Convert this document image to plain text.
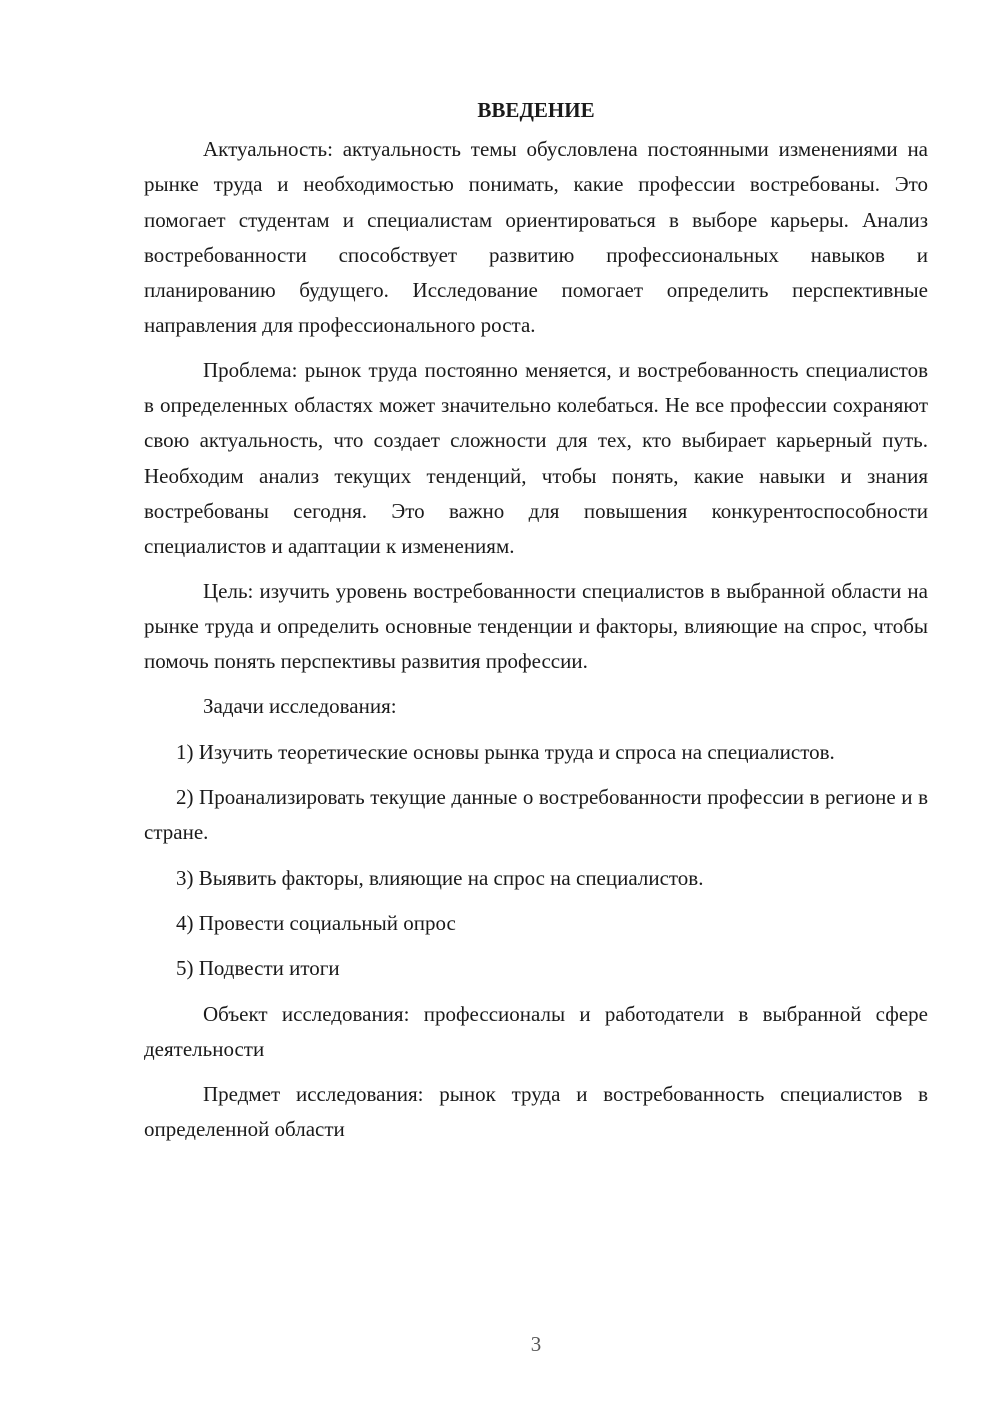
ВВЕДЕНИЕ

Актуальность: актуальность темы обусловлена постоянными изменениями на рынке труда и необходимостью понимать, какие профессии востребованы. Это помогает студентам и специалистам ориентироваться в выборе карьеры. Анализ востребованности способствует развитию профессиональных навыков и планированию будущего. Исследование помогает определить перспективные направления для профессионального роста.

Проблема: рынок труда постоянно меняется, и востребованность специалистов в определенных областях может значительно колебаться. Не все профессии сохраняют свою актуальность, что создает сложности для тех, кто выбирает карьерный путь. Необходим анализ текущих тенденций, чтобы понять, какие навыки и знания востребованы сегодня. Это важно для повышения конкурентоспособности специалистов и адаптации к изменениям.

Цель: изучить уровень востребованности специалистов в выбранной области на рынке труда и определить основные тенденции и факторы, влияющие на спрос, чтобы помочь понять перспективы развития профессии.

Задачи исследования:

1) Изучить теоретические основы рынка труда и спроса на специалистов.

2) Проанализировать текущие данные о востребованности профессии в регионе и в стране.

3) Выявить факторы, влияющие на спрос на специалистов.

4) Провести социальный опрос

5) Подвести итоги

Объект исследования: профессионалы и работодатели в выбранной сфере деятельности

Предмет исследования: рынок труда и востребованность специалистов в определенной области

3
